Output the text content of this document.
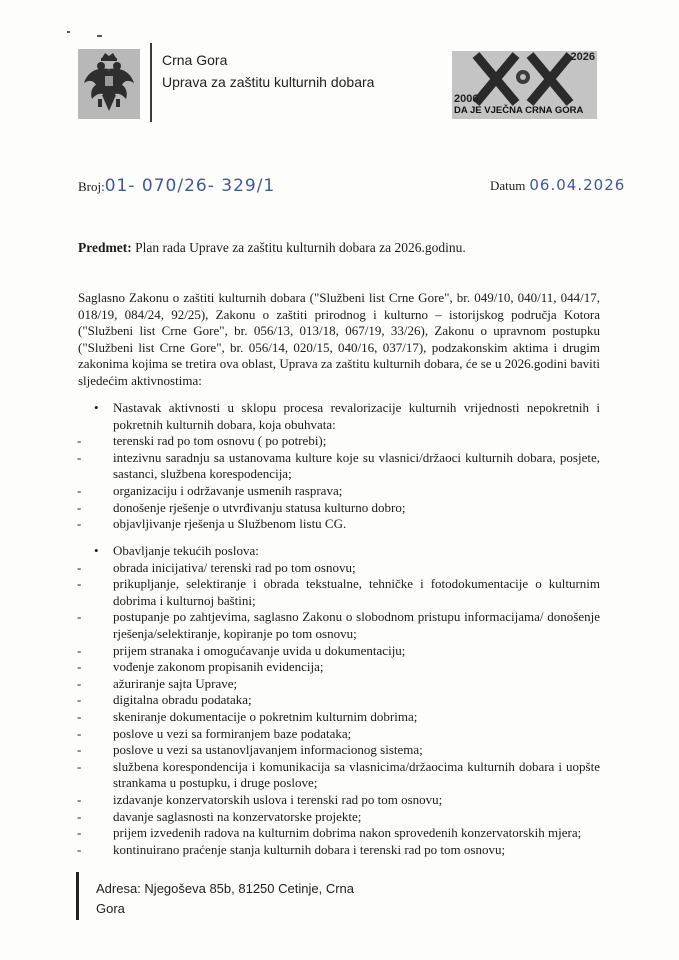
Crna Gora
Uprava za zaštitu kulturnih dobara
2026
2006
DA JE VJEČNA CRNA GORA
Broj:01- 070/26- 329/1	Datum 06.04.2026
Predmet: Plan rada Uprave za zaštitu kulturnih dobara za 2026.godinu.
Saglasno Zakonu o zaštiti kulturnih dobara ("Službeni list Crne Gore", br. 049/10, 040/11, 044/17, 018/19, 084/24, 92/25), Zakonu o zaštiti prirodnog i kulturno – istorijskog područja Kotora ("Službeni list Crne Gore", br. 056/13, 013/18, 067/19, 33/26), Zakonu o upravnom postupku ("Službeni list Crne Gore", br. 056/14, 020/15, 040/16, 037/17), podzakonskim aktima i drugim zakonima kojima se tretira ova oblast, Uprava za zaštitu kulturnih dobara, će se u 2026.godini baviti sljedećim aktivnostima:
• Nastavak aktivnosti u sklopu procesa revalorizacije kulturnih vrijednosti nepokretnih i pokretnih kulturnih dobara, koja obuhvata:
- terenski rad po tom osnovu ( po potrebi);
- intezivnu saradnju sa ustanovama kulture koje su vlasnici/držaoci kulturnih dobara, posjete, sastanci, službena korespodencija;
- organizaciju i održavanje usmenih rasprava;
- donošenje rješenje o utvrđivanju statusa kulturno dobro;
- objavljivanje rješenja u Službenom listu CG.
• Obavljanje tekućih poslova:
- obrada inicijativa/ terenski rad po tom osnovu;
- prikupljanje, selektiranje i obrada tekstualne, tehničke i fotodokumentacije o kulturnim dobrima i kulturnoj baštini;
- postupanje po zahtjevima, saglasno Zakonu o slobodnom pristupu informacijama/ donošenje rješenja/selektiranje, kopiranje po tom osnovu;
- prijem stranaka i omogućavanje uvida u dokumentaciju;
- vođenje zakonom propisanih evidencija;
- ažuriranje sajta Uprave;
- digitalna obradu podataka;
- skeniranje dokumentacije o pokretnim kulturnim dobrima;
- poslove u vezi sa formiranjem baze podataka;
- poslove u vezi sa ustanovljavanjem informacionog sistema;
- službena korespondencija i komunikacija sa vlasnicima/držaocima kulturnih dobara i uopšte strankama u postupku, i druge poslove;
- izdavanje konzervatorskih uslova i terenski rad po tom osnovu;
- davanje saglasnosti na konzervatorske projekte;
- prijem izvedenih radova na kulturnim dobrima nakon sprovedenih konzervatorskih mjera;
- kontinuirano praćenje stanja kulturnih dobara i terenski rad po tom osnovu;
Adresa: Njegoševa 85b, 81250 Cetinje, Crna Gora
